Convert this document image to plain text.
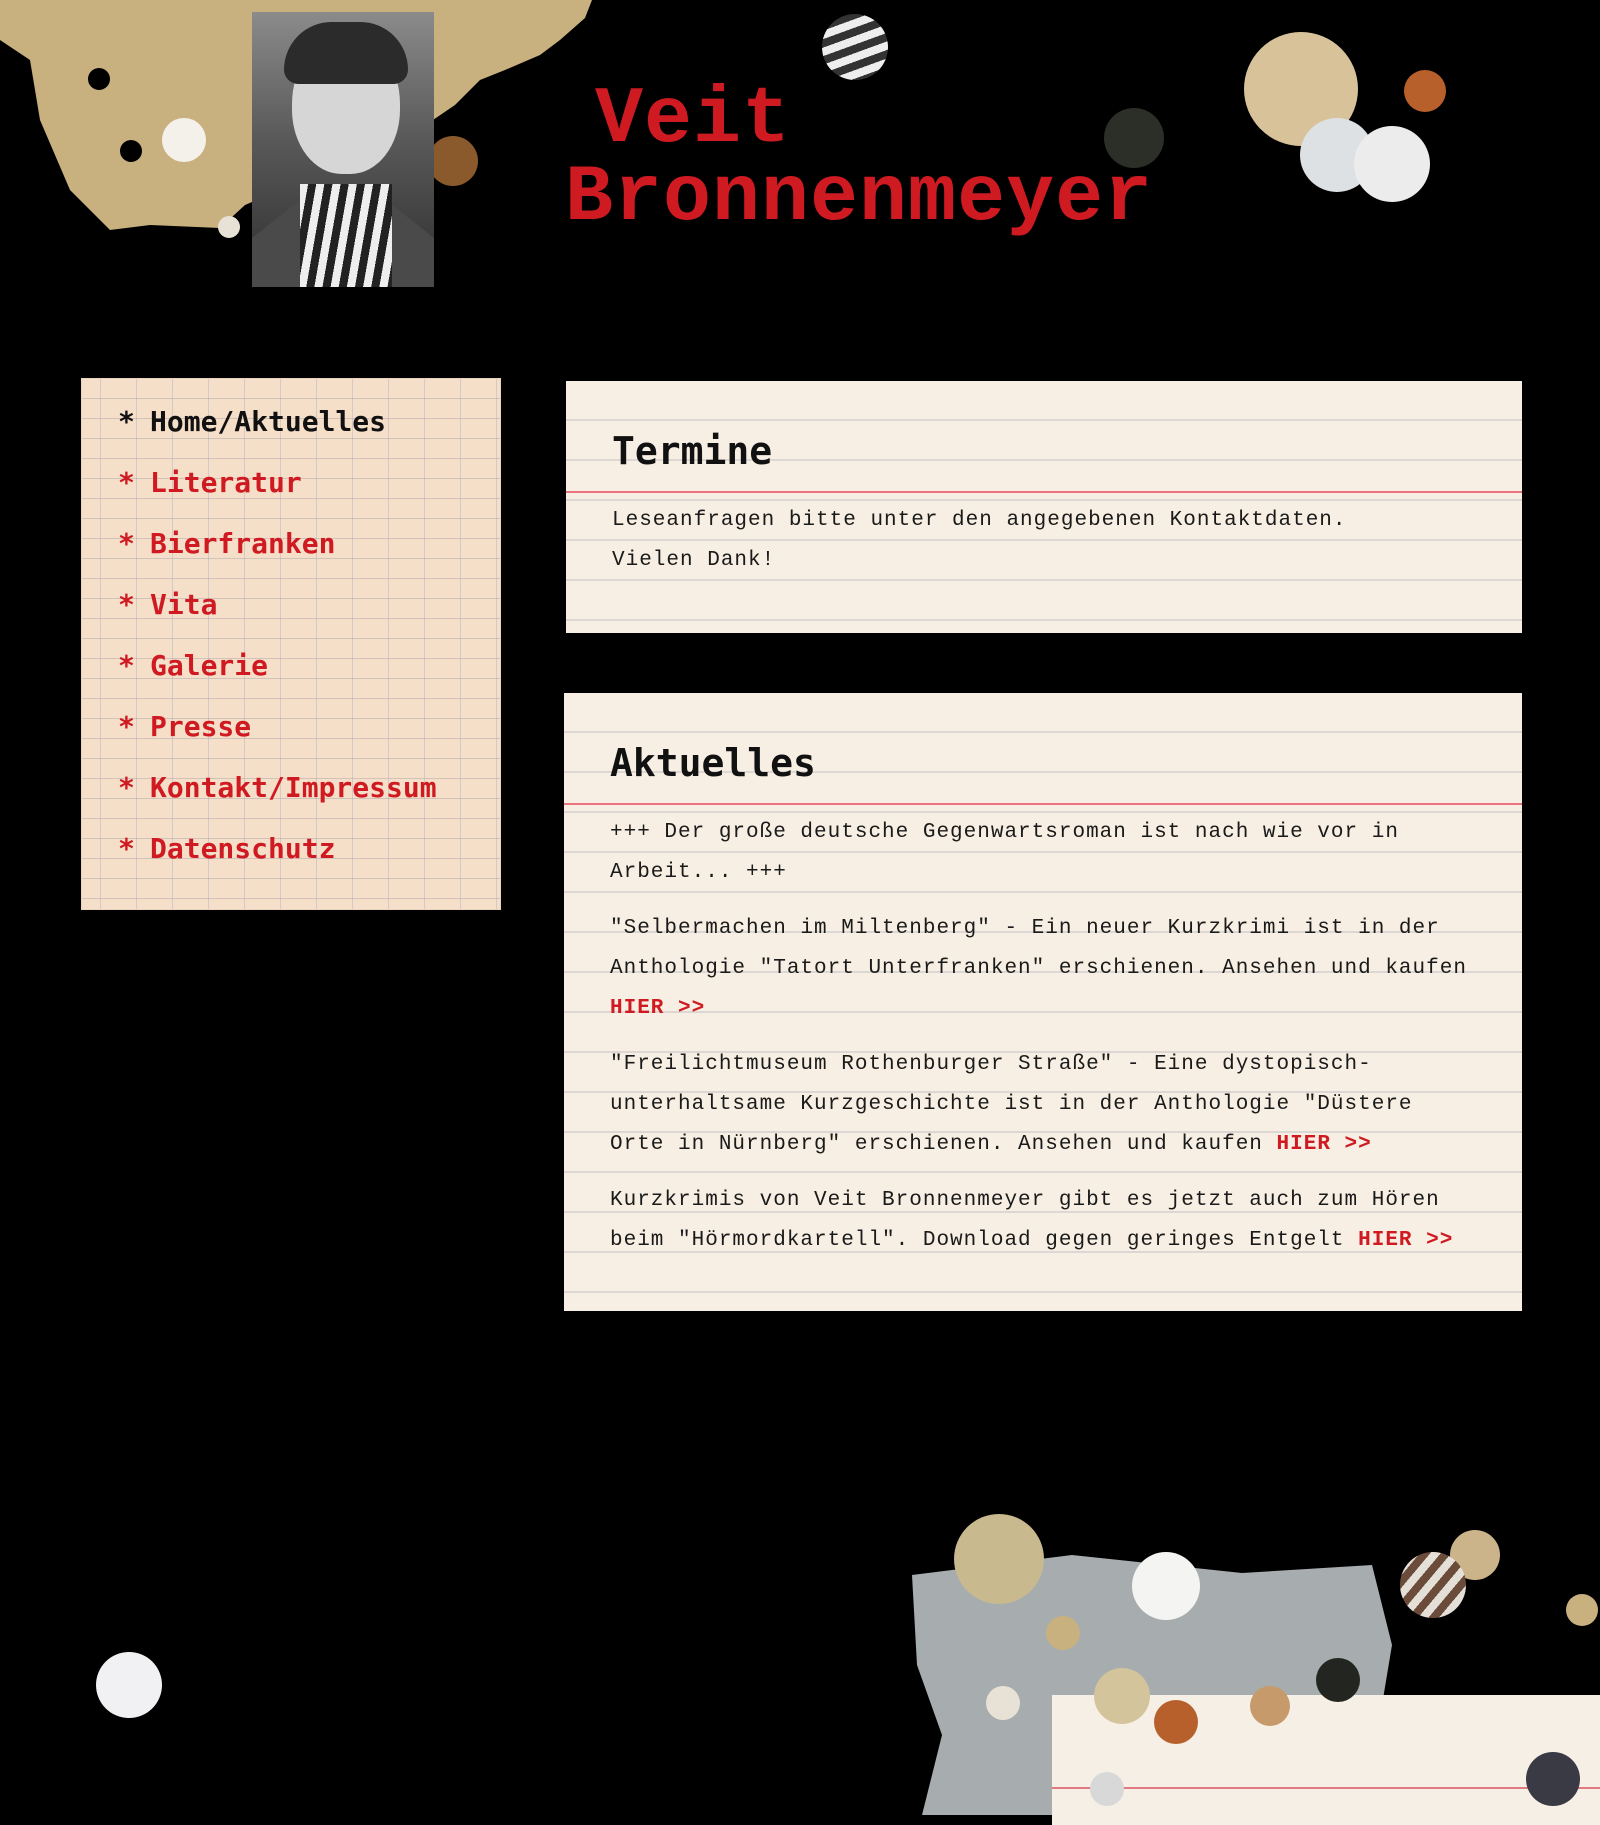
Veit
Bronnenmeyer
* Home/Aktuelles
* Literatur
* Bierfranken
* Vita
* Galerie
* Presse
* Kontakt/Impressum
* Datenschutz
Termine

Leseanfragen bitte unter den angegebenen Kontaktdaten.
Vielen Dank!

Aktuelles

+++ Der große deutsche Gegenwartsroman ist nach wie vor in Arbeit... +++

"Selbermachen im Miltenberg" - Ein neuer Kurzkrimi ist in der Anthologie "Tatort Unterfranken" erschienen. Ansehen und kaufen HIER >>

"Freilichtmuseum Rothenburger Straße" - Eine dystopisch-unterhaltsame Kurzgeschichte ist in der Anthologie "Düstere Orte in Nürnberg" erschienen. Ansehen und kaufen HIER >>

Kurzkrimis von Veit Bronnenmeyer gibt es jetzt auch zum Hören beim "Hörmordkartell". Download gegen geringes Entgelt HIER >>
